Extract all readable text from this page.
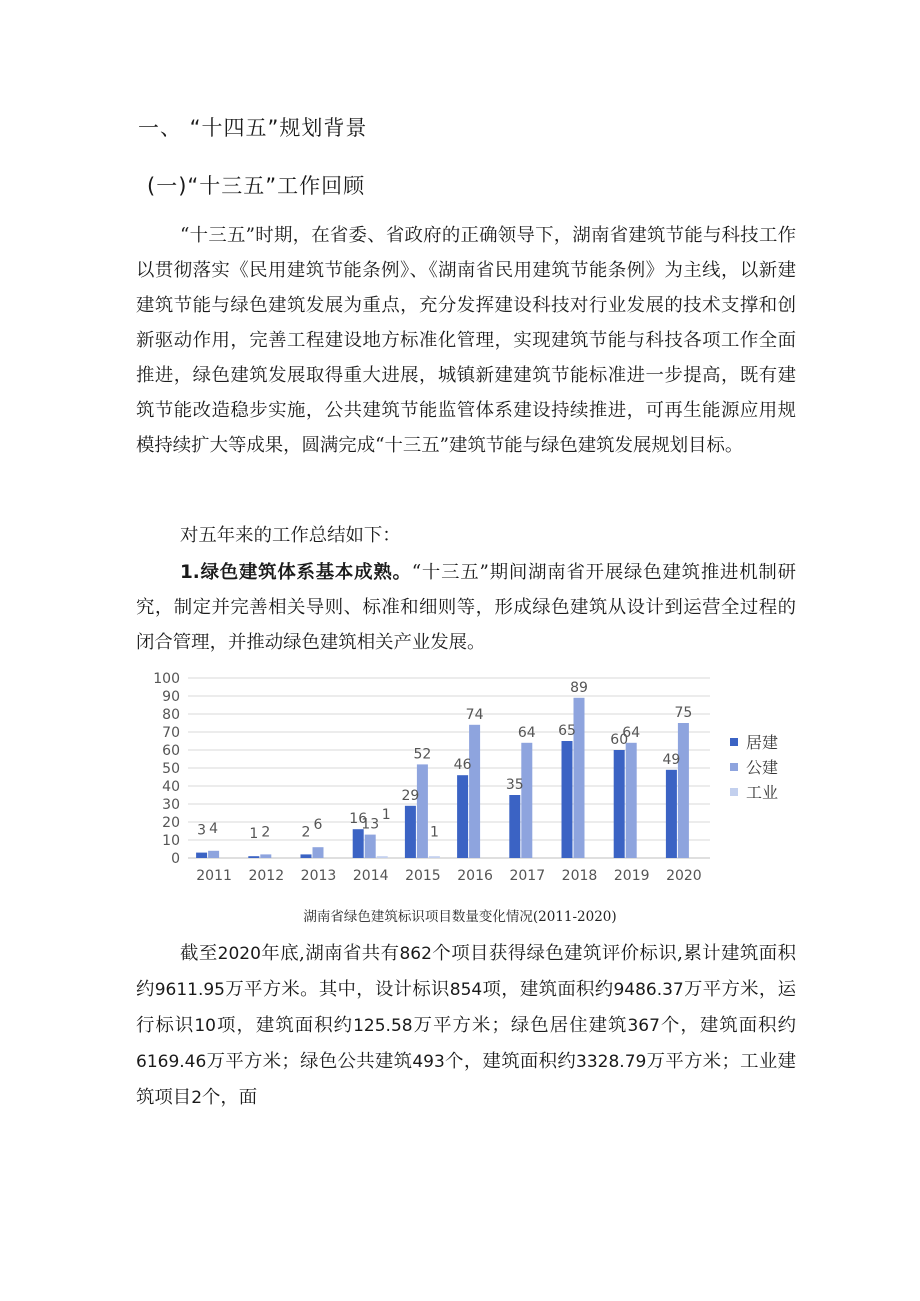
一、 “十四五”规划背景
(一)“十三五”工作回顾

“十三五”时期，在省委、省政府的正确领导下，湖南省建筑节能与科技工作以贯彻落实《民用建筑节能条例》、《湖南省民用建筑节能条例》为主线，以新建建筑节能与绿色建筑发展为重点，充分发挥建设科技对行业发展的技术支撑和创新驱动作用，完善工程建设地方标准化管理，实现建筑节能与科技各项工作全面推进，绿色建筑发展取得重大进展，城镇新建建筑节能标准进一步提高，既有建筑节能改造稳步实施，公共建筑节能监管体系建设持续推进，可再生能源应用规模持续扩大等成果，圆满完成“十三五”建筑节能与绿色建筑发展规划目标。

对五年来的工作总结如下：

1.绿色建筑体系基本成熟。“十三五”期间湖南省开展绿色建筑推进机制研究，制定并完善相关导则、标准和细则等，形成绿色建筑从设计到运营全过程的闭合管理，并推动绿色建筑相关产业发展。

0
10
20
30
40
50
60
70
80
90
100
2011 2012 2013 2014 2015 2016 2017 2018 2019 2020
3	1	2
16
29
46
35
65
60
49
4	2	6	13
52
74
64
89
64
75
1
1
居建
公建
工业
湖南省绿色建筑标识项目数量变化情况(2011-2020)

截至2020年底,湖南省共有862个项目获得绿色建筑评价标识,累计建筑面积约9611.95万平方米。其中，设计标识854项，建筑面积约9486.37万平方米，运行标识10项，建筑面积约125.58万平方米；绿色居住建筑367个，建筑面积约6169.46万平方米；绿色公共建筑493个，建筑面积约3328.79万平方米；工业建筑项目2个，面
